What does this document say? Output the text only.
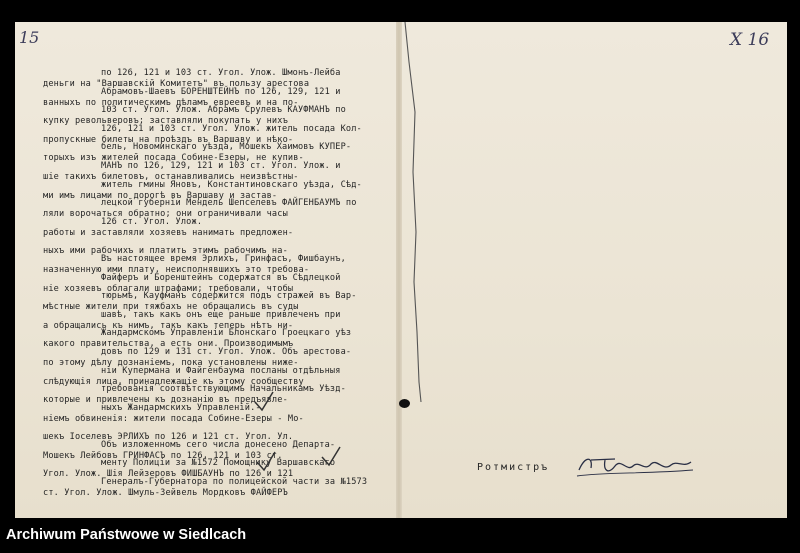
15	X 16
деньги на "Варшавскій Комитетъ" въ пользу арестова
ванныхъ по политическимъ дѣламъ евреевъ и на по-
купку револьверовъ; заставляли покупать у нихъ
пропускные билеты на проѣздъ въ Варшаву и нѣко-
торыхъ изъ жителей посада Собине-Езеры, не купив-
шіе такихъ билетовъ, останавливались неизвѣстны-
ми имъ лицами по дорогѣ въ Варшаву и застав-
ляли ворочаться обратно; они ограничивали часы
работы и заставляли хозяевъ нанимать предложен-
ныхъ ими рабочихъ и платить этимъ рабочимъ на-
назначенную ими плату, неисполнявшихъ это требова-
ніе хозяевъ облагали штрафами; требовали, чтобы
мѣстные жители при тяжбахъ не обращались въ суды
а обращались къ нимъ, такъ какъ теперь нѣтъ ни-
какого правительства, а есть они. Производимымъ
по этому дѣлу дознаніемъ, пока установлены ниже-
слѣдующія лица, принадлежащіе къ этому сообществу
которые и привлечены къ дознанію въ предъявле-
ніемъ обвиненія: жители посада Собине-Езеры - Мо-
шекъ Іоселевъ ЭРЛИХЪ по 126 и 121 ст. Угол. Ул.
Мошекъ Лейбовъ ГРИНФАСЪ по 126, 121 и 103 ст.
Угол. Улож. Шія Лейзеровъ ФИШБАУНЪ по 126 и 121
ст. Угол. Улож. Шмуль-Зейвель Мордковъ ФАЙФЕРЪ
по 126, 121 и 103 ст. Угол. Улож. Шмонъ-Лейба
Абрамовъ-Шаевъ БОРЕНШТЕЙНЪ по 126, 129, 121 и
103 ст. Угол. Улож. Абрамъ Срулевъ КАУФМАНЪ по
126, 121 и 103 ст. Угол. Улож. житель посада Кол-
бель, Новоминскаго уѣзда, Мошекъ Хаимовъ КУПЕР-
МАНЪ по 126, 129, 121 и 103 ст. Угол. Улож. и
житель гмины Яновъ, Константиновскаго уѣзда, Сѣд-
лецкой губерніи Мендель Шепселевъ ФАЙГЕНБАУМЪ по
126 ст. Угол. Улож.
Въ настоящее время Эрлихъ, Гринфасъ, Фишбаунъ,
Файферъ и Боренштейнъ содержатся въ Сѣдлецкой
тюрьмѣ, Кауфманъ содержится подъ стражей въ Вар-
шавѣ, такъ какъ онъ еще раньше привлеченъ при
Жандармскомъ Управленіи Блонскаго Гроецкаго уѣз
довъ по 129 и 131 ст. Угол. Улож. Объ арестова-
ніи Купермана и Файгенбаума посланы отдѣльныя
требованія соотвѣтствующимъ Начальникамъ Уѣзд-
ныхъ Жандармскихъ Управленій.-
Объ изложенномъ сего числа донесено Департа-
менту Полиціи за №1572 Помощнику Варшавскаго
Генералъ-Губернатора по полицейской части за №1573
Ротмистръ
Archiwum Państwowe w Siedlcach
